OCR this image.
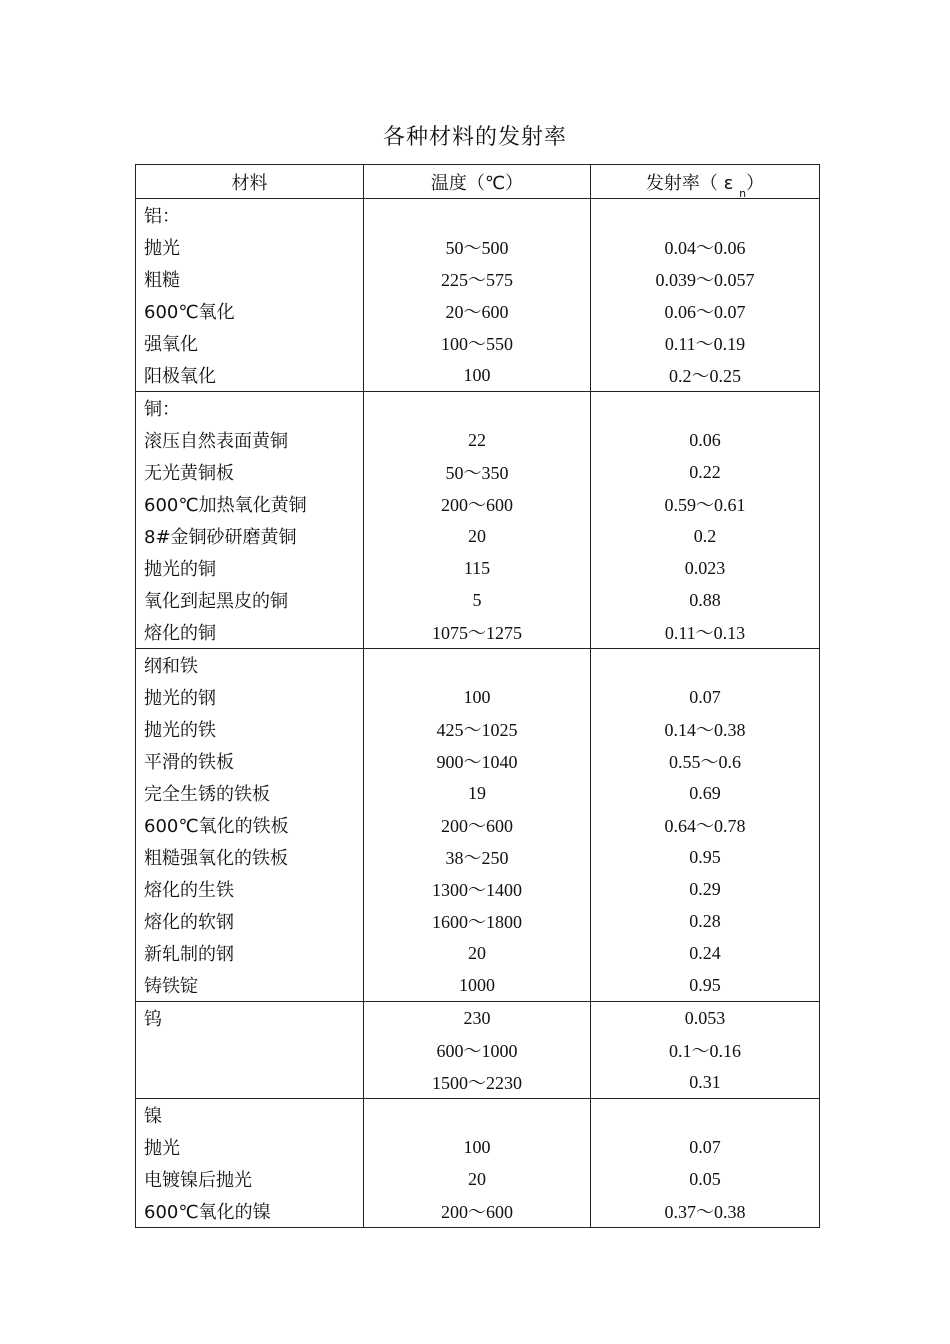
各种材料的发射率
材料	温度（℃）	发射率（ ε $_n$）
铝：		
抛光	50～500	0.04～0.06
粗糙	225～575	0.039～0.057
600℃氧化	20～600	0.06～0.07
强氧化	100～550	0.11～0.19
阳极氧化	100	0.2～0.25
铜：		
滚压自然表面黄铜	22	0.06
无光黄铜板	50～350	0.22
600℃加热氧化黄铜	200～600	0.59～0.61
8#金铜砂研磨黄铜	20	0.2
抛光的铜	115	0.023
氧化到起黑皮的铜	5	0.88
熔化的铜	1075～1275	0.11～0.13
纲和铁		
抛光的钢	100	0.07
抛光的铁	425～1025	0.14～0.38
平滑的铁板	900～1040	0.55～0.6
完全生锈的铁板	19	0.69
600℃氧化的铁板	200～600	0.64～0.78
粗糙强氧化的铁板	38～250	0.95
熔化的生铁	1300～1400	0.29
熔化的软钢	1600～1800	0.28
新轧制的钢	20	0.24
铸铁锭	1000	0.95
钨	230	0.053
	600～1000	0.1～0.16
	1500～2230	0.31
镍		
抛光	100	0.07
电镀镍后抛光	20	0.05
600℃氧化的镍	200～600	0.37～0.38
